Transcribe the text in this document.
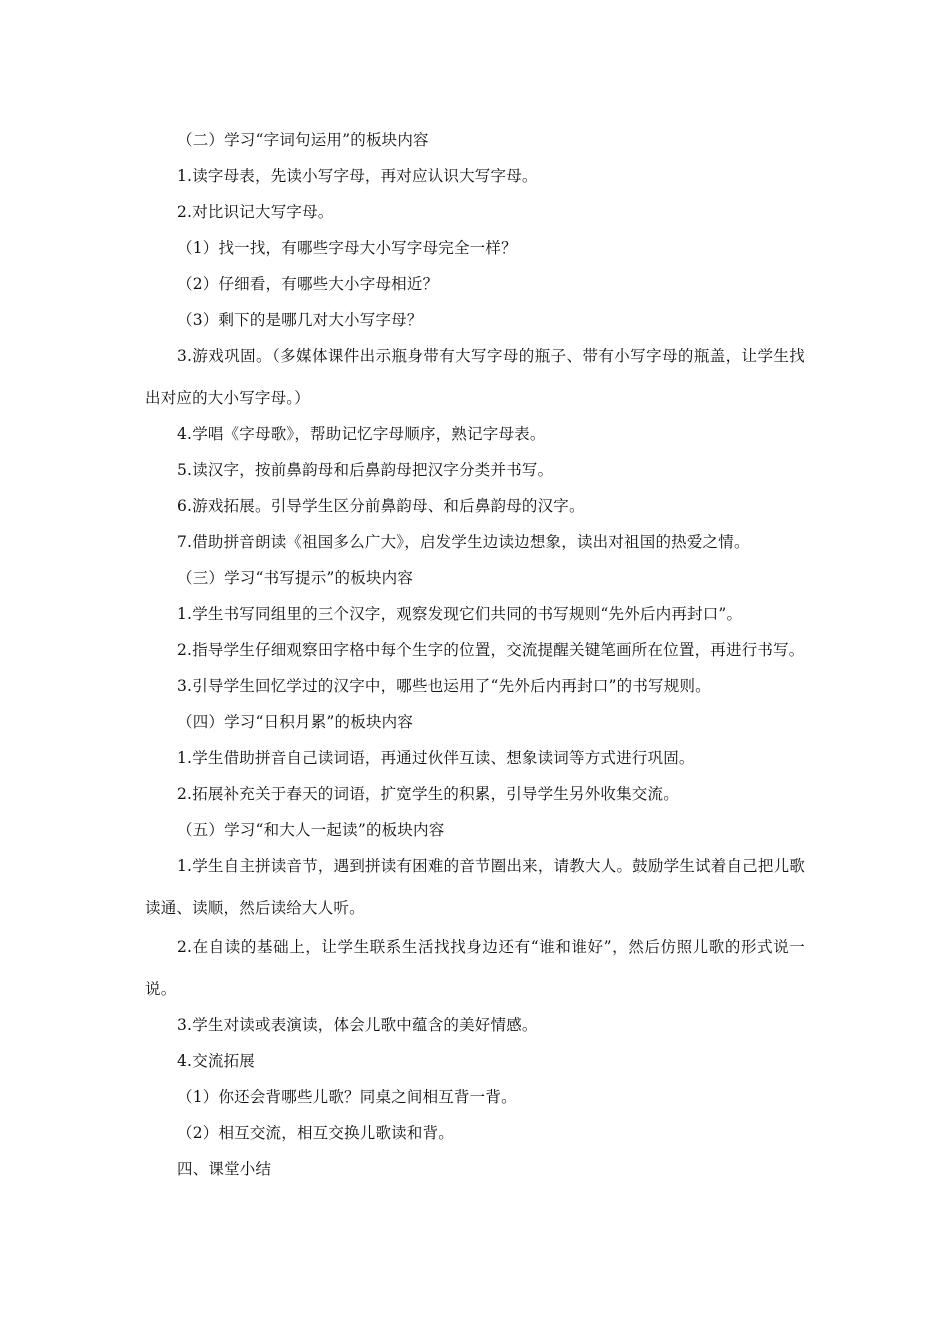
（二）学习“字词句运用”的板块内容
1.读字母表，先读小写字母，再对应认识大写字母。
2.对比识记大写字母。
（1）找一找，有哪些字母大小写字母完全一样？
（2）仔细看，有哪些大小字母相近？
（3）剩下的是哪几对大小写字母？
3.游戏巩固。（多媒体课件出示瓶身带有大写字母的瓶子、带有小写字母的瓶盖，让学生找出对应的大小写字母。）
4.学唱《字母歌》，帮助记忆字母顺序，熟记字母表。
5.读汉字，按前鼻韵母和后鼻韵母把汉字分类并书写。
6.游戏拓展。引导学生区分前鼻韵母、和后鼻韵母的汉字。
7.借助拼音朗读《祖国多么广大》，启发学生边读边想象，读出对祖国的热爱之情。
（三）学习“书写提示”的板块内容
1.学生书写同组里的三个汉字，观察发现它们共同的书写规则“先外后内再封口”。
2.指导学生仔细观察田字格中每个生字的位置，交流提醒关键笔画所在位置，再进行书写。
3.引导学生回忆学过的汉字中，哪些也运用了“先外后内再封口”的书写规则。
（四）学习“日积月累”的板块内容
1.学生借助拼音自己读词语，再通过伙伴互读、想象读词等方式进行巩固。
2.拓展补充关于春天的词语，扩宽学生的积累，引导学生另外收集交流。
（五）学习“和大人一起读”的板块内容
1.学生自主拼读音节，遇到拼读有困难的音节圈出来，请教大人。鼓励学生试着自己把儿歌读通、读顺，然后读给大人听。
2.在自读的基础上，让学生联系生活找找身边还有“谁和谁好”，然后仿照儿歌的形式说一说。
3.学生对读或表演读，体会儿歌中蕴含的美好情感。
4.交流拓展
（1）你还会背哪些儿歌？同桌之间相互背一背。
（2）相互交流，相互交换儿歌读和背。
四、课堂小结
